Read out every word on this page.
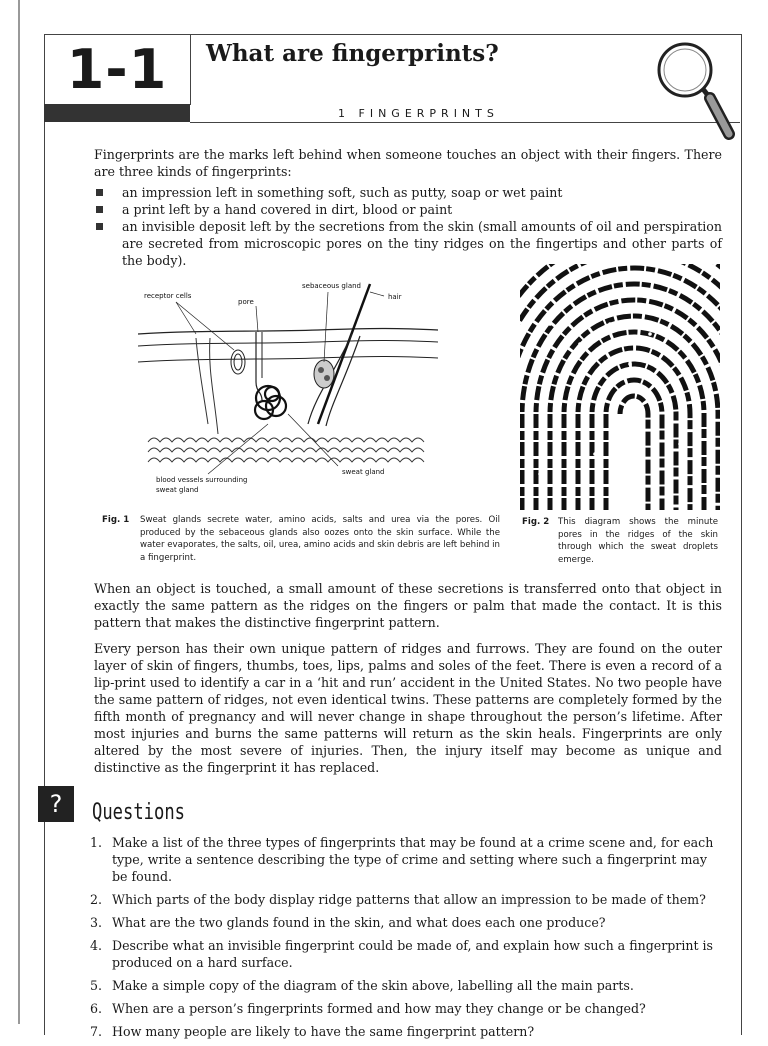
1-1	What are fingerprints?
1 FINGERPRINTS
Fingerprints are the marks left behind when someone touches an object with their fingers. There are three kinds of fingerprints:
an impression left in something soft, such as putty, soap or wet paint
a print left by a hand covered in dirt, blood or paint
an invisible deposit left by the secretions from the skin (small amounts of oil and perspiration are secreted from microscopic pores on the tiny ridges on the fingertips and other parts of the body).
receptor cells
pore
sebaceous gland
hair
sweat gland
blood vessels surrounding
sweat gland
Fig. 1	Sweat glands secrete water, amino acids, salts and urea via the pores. Oil produced by the sebaceous glands also oozes onto the skin surface. While the water evaporates, the salts, oil, urea, amino acids and skin debris are left behind in a fingerprint.
Fig. 2	This diagram shows the minute pores in the ridges of the skin through which the sweat droplets emerge.
When an object is touched, a small amount of these secretions is transferred onto that object in exactly the same pattern as the ridges on the fingers or palm that made the contact. It is this pattern that makes the distinctive fingerprint pattern.
Every person has their own unique pattern of ridges and furrows. They are found on the outer layer of skin of fingers, thumbs, toes, lips, palms and soles of the feet. There is even a record of a lip-print used to identify a car in a ‘hit and run’ accident in the United States. No two people have the same pattern of ridges, not even identical twins. These patterns are completely formed by the fifth month of pregnancy and will never change in shape throughout the person’s lifetime. After most injuries and burns the same patterns will return as the skin heals. Fingerprints are only altered by the most severe of injuries. Then, the injury itself may become as unique and distinctive as the fingerprint it has replaced.
?	Questions
1. Make a list of the three types of fingerprints that may be found at a crime scene and, for each type, write a sentence describing the type of crime and setting where such a fingerprint may be found.
2. Which parts of the body display ridge patterns that allow an impression to be made of them?
3. What are the two glands found in the skin, and what does each one produce?
4. Describe what an invisible fingerprint could be made of, and explain how such a fingerprint is produced on a hard surface.
5. Make a simple copy of the diagram of the skin above, labelling all the main parts.
6. When are a person’s fingerprints formed and how may they change or be changed?
7. How many people are likely to have the same fingerprint pattern?
